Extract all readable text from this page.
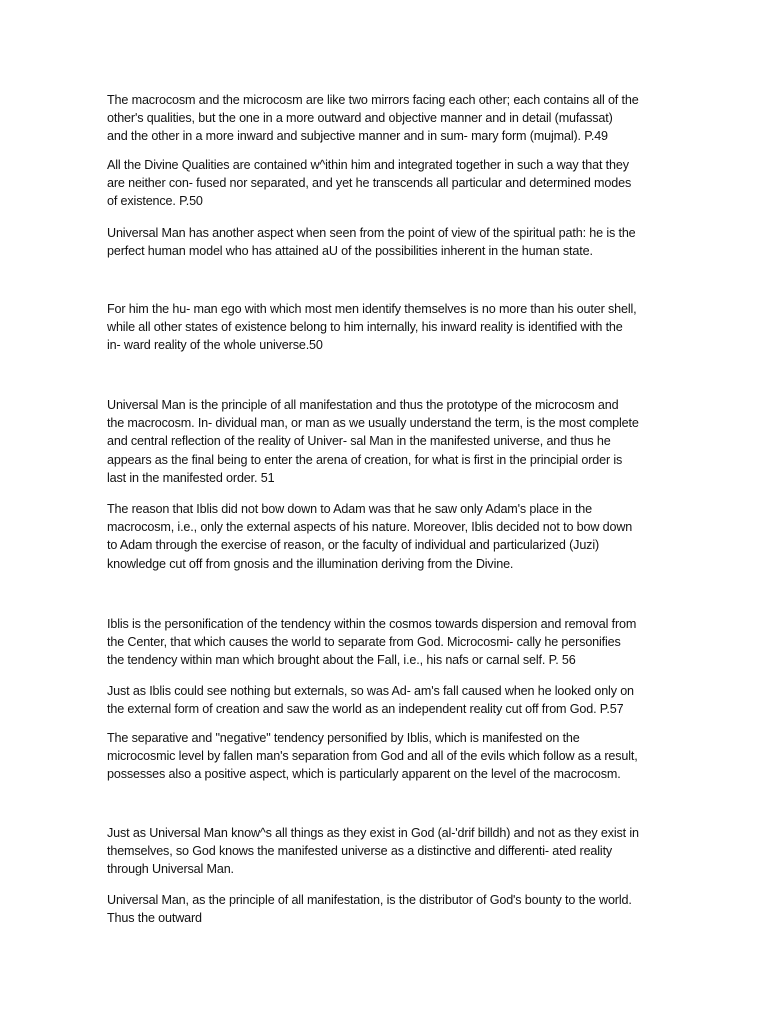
The macrocosm and the microcosm are like two mirrors facing each other; each contains all of the
other's qualities, but the one in a more outward and objective manner and in detail (mufassat)
and the other in a more inward and subjective manner and in sum- mary form (mujmal). P.49

All the Divine Qualities are contained w^ithin him and integrated together in such a way that they
are neither con- fused nor separated, and yet he transcends all particular and determined modes
of existence. P.50

Universal Man has another aspect when seen from the point of view of the spiritual path: he is the
perfect human model who has attained aU of the possibilities inherent in the human state.

For him the hu- man ego with which most men identify themselves is no more than his outer shell,
while all other states of existence belong to him internally, his inward reality is identified with the
in- ward reality of the whole universe.50

Universal Man is the principle of all manifestation and thus the prototype of the microcosm and
the macrocosm. In- dividual man, or man as we usually understand the term, is the most complete
and central reflection of the reality of Univer- sal Man in the manifested universe, and thus he
appears as the final being to enter the arena of creation, for what is first in the principial order is
last in the manifested order. 51

The reason that Iblis did not bow down to Adam was that he saw only Adam's place in the
macrocosm, i.e., only the external aspects of his nature. Moreover, Iblis decided not to bow down
to Adam through the exercise of reason, or the faculty of individual and particularized (Juzi)
knowledge cut off from gnosis and the illumination deriving from the Divine.

Iblis is the personification of the tendency within the cosmos towards dispersion and removal from
the Center, that which causes the world to separate from God. Microcosmi- cally he personifies
the tendency within man which brought about the Fall, i.e., his nafs or carnal self. P. 56

Just as Iblis could see nothing but externals, so was Ad- am's fall caused when he looked only on
the external form of creation and saw the world as an independent reality cut off from God. P.57

The separative and "negative" tendency personified by Iblis, which is manifested on the
microcosmic level by fallen man's separation from God and all of the evils which follow as a result,
possesses also a positive aspect, which is particularly apparent on the level of the macrocosm.

Just as Universal Man know^s all things as they exist in God (al-'drif billdh) and not as they exist in
themselves, so God knows the manifested universe as a distinctive and differenti- ated reality
through Universal Man.

Universal Man, as the principle of all manifestation, is the distributor of God's bounty to the world.
Thus the outward
